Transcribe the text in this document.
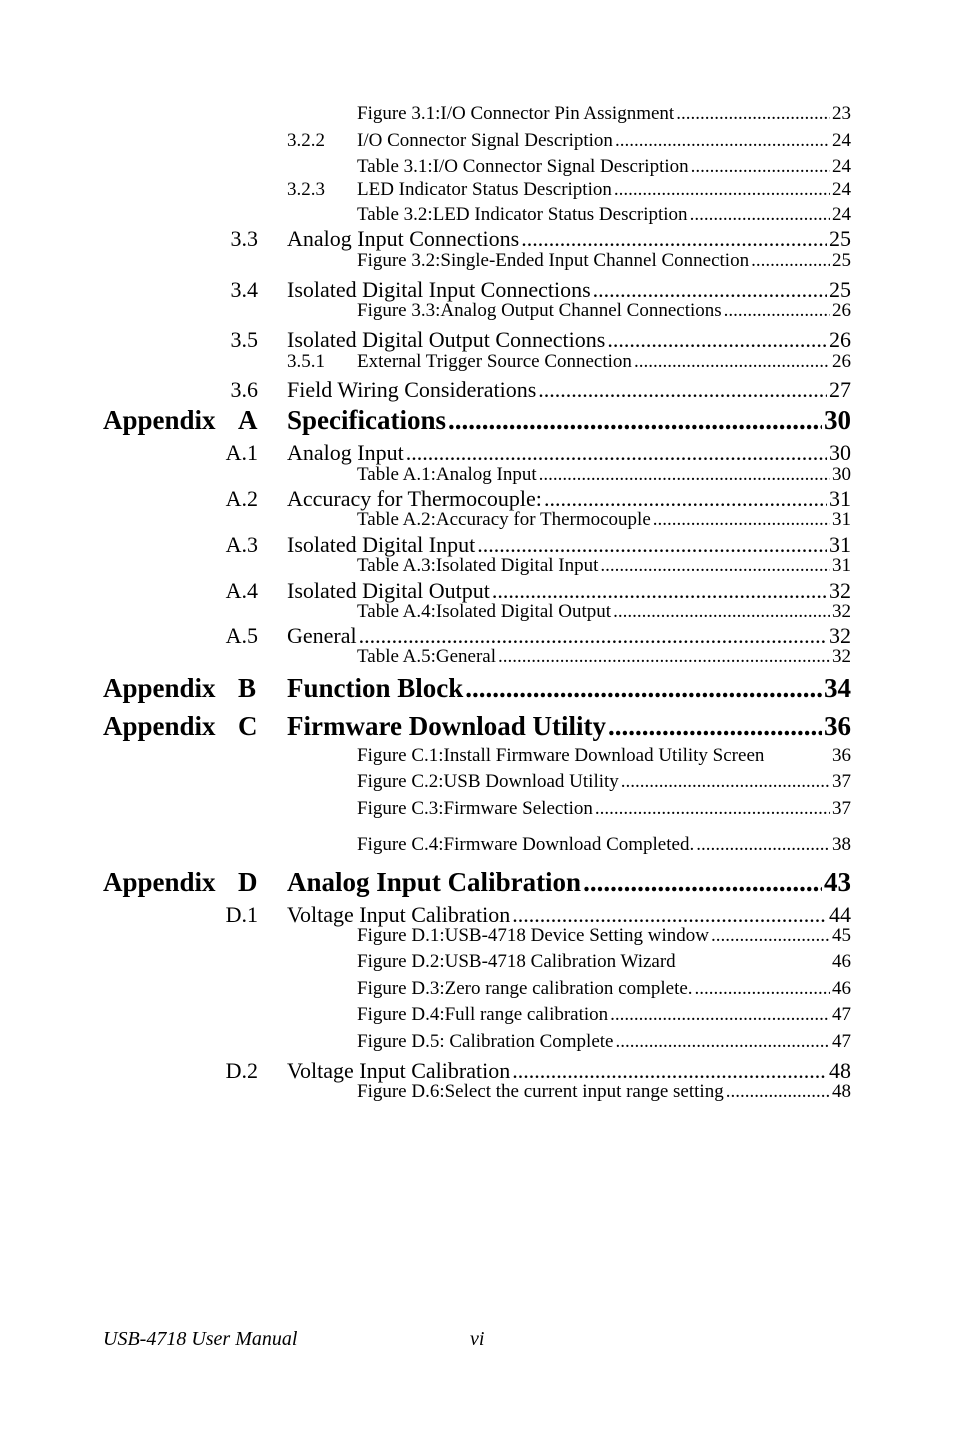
Figure 3.1:I/O Connector Pin Assignment .....	23
3.2.2 I/O Connector Signal Description .....	24
Table 3.1:I/O Connector Signal Description .....	24
3.2.3 LED Indicator Status Description .....	24
Table 3.2:LED Indicator Status Description .....	24
3.3 Analog Input Connections .....	25
Figure 3.2:Single-Ended Input Channel Connection .....	25
3.4 Isolated Digital Input Connections .....	25
Figure 3.3:Analog Output Channel Connections .....	26
3.5 Isolated Digital Output Connections .....	26
3.5.1 External Trigger Source Connection .....	26
3.6 Field Wiring Considerations .....	27
Appendix A Specifications .....	30
A.1 Analog Input .....	30
Table A.1:Analog Input .....	30
A.2 Accuracy for Thermocouple: .....	31
Table A.2:Accuracy for Thermocouple .....	31
A.3 Isolated Digital Input .....	31
Table A.3:Isolated Digital Input .....	31
A.4 Isolated Digital Output .....	32
Table A.4:Isolated Digital Output .....	32
A.5 General .....	32
Table A.5:General .....	32
Appendix B Function Block .....	34
Appendix C Firmware Download Utility .....	36
Figure C.1:Install Firmware Download Utility Screen	36
Figure C.2:USB Download Utility .....	37
Figure C.3:Firmware Selection .....	37
Figure C.4:Firmware Download Completed. .....	38
Appendix D Analog Input Calibration .....	43
D.1 Voltage Input Calibration .....	44
Figure D.1:USB-4718 Device Setting window .....	45
Figure D.2:USB-4718 Calibration Wizard	46
Figure D.3:Zero range calibration complete. .....	46
Figure D.4:Full range calibration .....	47
Figure D.5: Calibration Complete .....	47
D.2 Voltage Input Calibration .....	48
Figure D.6:Select the current input range setting .....	48
USB-4718 User Manual	vi
